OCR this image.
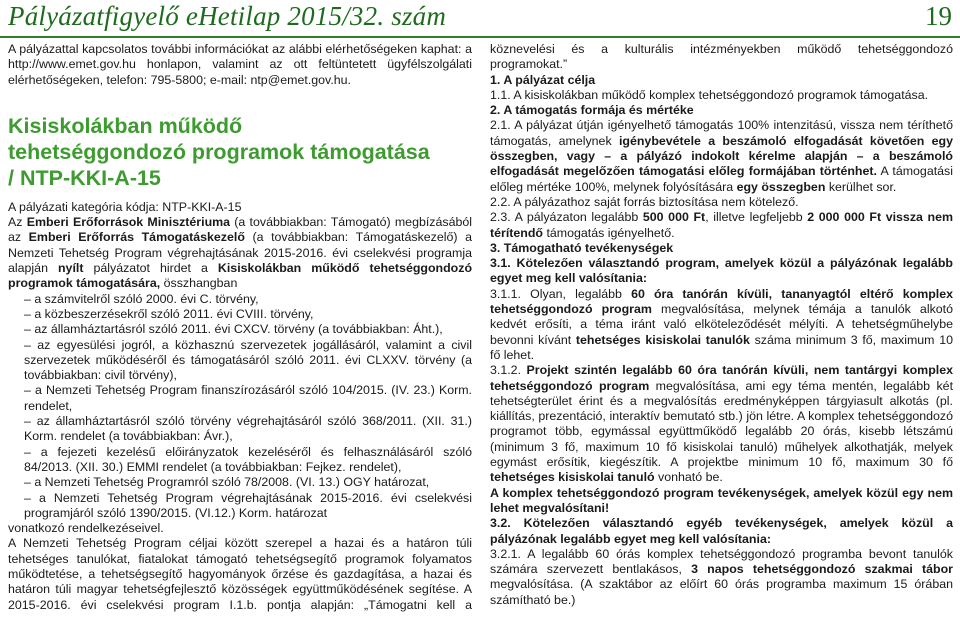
Pályázatfigyelő eHetilap 2015/32. szám	19

A pályázattal kapcsolatos további információkat az alábbi elérhetőségeken kaphat: a http://www.emet.gov.hu honlapon, valamint az ott feltüntetett ügyfélszolgálati elérhetőségeken, telefon: 795-5800; e-mail: ntp@emet.gov.hu.

Kisiskolákban működő
tehetséggondozó programok támogatása
/ NTP-KKI-A-15

A pályázati kategória kódja: NTP-KKI-A-15

Az Emberi Erőforrások Minisztériuma (a továbbiakban: Támogató) megbízásából az Emberi Erőforrás Támogatáskezelő (a továbbiakban: Támogatáskezelő) a Nemzeti Tehetség Program végrehajtásának 2015-2016. évi cselekvési programja alapján nyílt pályázatot hirdet a Kisiskolákban működő tehetséggondozó programok támogatására, összhangban

– a számvitelről szóló 2000. évi C. törvény,

– a közbeszerzésekről szóló 2011. évi CVIII. törvény,

– az államháztartásról szóló 2011. évi CXCV. törvény (a továbbiakban: Áht.),

– az egyesülési jogról, a közhasznú szervezetek jogállásáról, valamint a civil szervezetek működéséről és támogatásáról szóló 2011. évi CLXXV. törvény (a továbbiakban: civil törvény),

– a Nemzeti Tehetség Program finanszírozásáról szóló 104/2015. (IV. 23.) Korm. rendelet,

– az államháztartásról szóló törvény végrehajtásáról szóló 368/2011. (XII. 31.) Korm. rendelet (a továbbiakban: Ávr.),

– a fejezeti kezelésű előirányzatok kezeléséről és felhasználásáról szóló 84/2013. (XII. 30.) EMMI rendelet (a továbbiakban: Fejkez. rendelet),

– a Nemzeti Tehetség Programról szóló 78/2008. (VI. 13.) OGY határozat,

– a Nemzeti Tehetség Program végrehajtásának 2015-2016. évi cselekvési programjáról szóló 1390/2015. (VI.12.) Korm. határozat

vonatkozó rendelkezéseivel.

A Nemzeti Tehetség Program céljai között szerepel a hazai és a határon túli tehetséges tanulókat, fiatalokat támogató tehetségsegítő programok folyamatos működtetése, a tehetségsegítő hagyományok őrzése és gazdagítása, a hazai és határon túli magyar tehetségfejlesztő közösségek együttműködésének segítése. A 2015-2016. évi cselekvési program I.1.b. pontja alapján: „Támogatni kell a

köznevelési és a kulturális intézményekben működő tehetséggondozó programokat.”

1. A pályázat célja

1.1. A kisiskolákban működő komplex tehetséggondozó programok támogatása.

2. A támogatás formája és mértéke

2.1. A pályázat útján igényelhető támogatás 100% intenzitású, vissza nem téríthető támogatás, amelynek igénybevétele a beszámoló elfogadását követően egy összegben, vagy – a pályázó indokolt kérelme alapján – a beszámoló elfogadását megelőzően támogatási előleg formájában történhet. A támogatási előleg mértéke 100%, melynek folyósítására egy összegben kerülhet sor.

2.2. A pályázathoz saját forrás biztosítása nem kötelező.

2.3. A pályázaton legalább 500 000 Ft, illetve legfeljebb 2 000 000 Ft vissza nem térítendő támogatás igényelhető.

3. Támogatható tevékenységek

3.1. Kötelezően választandó program, amelyek közül a pályázónak legalább egyet meg kell valósítania:

3.1.1. Olyan, legalább 60 óra tanórán kívüli, tananyagtól eltérő komplex tehetséggondozó program megvalósítása, melynek témája a tanulók alkotó kedvét erősíti, a téma iránt való elköteleződését mélyíti. A tehetségműhelybe bevonni kívánt tehetséges kisiskolai tanulók száma minimum 3 fő, maximum 10 fő lehet.

3.1.2. Projekt szintén legalább 60 óra tanórán kívüli, nem tantárgyi komplex tehetséggondozó program megvalósítása, ami egy téma mentén, legalább két tehetségterület érint és a megvalósítás eredményképpen tárgyiasult alkotás (pl. kiállítás, prezentáció, interaktív bemutató stb.) jön létre. A komplex tehetséggondozó programot több, egymással együttműködő legalább 20 órás, kisebb létszámú (minimum 3 fő, maximum 10 fő kisiskolai tanuló) műhelyek alkothatják, melyek egymást erősítik, kiegészítik. A projektbe minimum 10 fő, maximum 30 fő tehetséges kisiskolai tanuló vonható be.

A komplex tehetséggondozó program tevékenységek, amelyek közül egy nem lehet megvalósítani!

3.2. Kötelezően választandó egyéb tevékenységek, amelyek közül a pályázónak legalább egyet meg kell valósítania:

3.2.1. A legalább 60 órás komplex tehetséggondozó programba bevont tanulók számára szervezett bentlakásos, 3 napos tehetséggondozó szakmai tábor megvalósítása. (A szaktábor az előírt 60 órás programba maximum 15 órában számítható be.)
